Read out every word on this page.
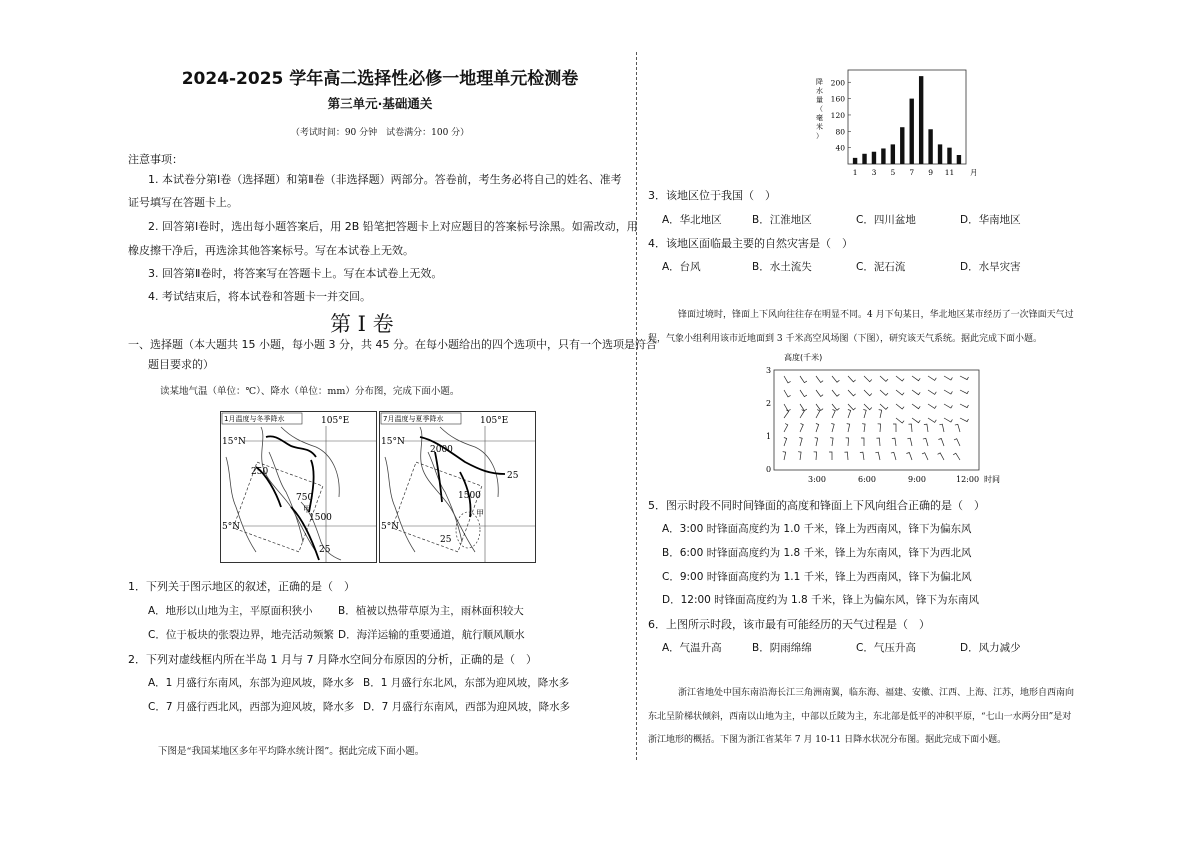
2024-2025 学年高二选择性必修一地理单元检测卷
第三单元·基础通关
（考试时间：90 分钟　试卷满分：100 分）
注意事项：
1. 本试卷分第Ⅰ卷（选择题）和第Ⅱ卷（非选择题）两部分。答卷前，考生务必将自己的姓名、准考
证号填写在答题卡上。
2. 回答第Ⅰ卷时，选出每小题答案后，用 2B 铅笔把答题卡上对应题目的答案标号涂黑。如需改动，用
橡皮擦干净后，再选涂其他答案标号。写在本试卷上无效。
3. 回答第Ⅱ卷时，将答案写在答题卡上。写在本试卷上无效。
4. 考试结束后，将本试卷和答题卡一并交回。
第 I 卷
一、选择题（本大题共 15 小题，每小题 3 分，共 45 分。在每小题给出的四个选项中，只有一个选项是符合
题目要求的）
读某地气温（单位：℃）、降水（单位：mm）分布图，完成下面小题。
1月温度与冬季降水	105°E
15°N
5°N
250
750
1500
25
甲
7月温度与夏季降水	105°E
15°N
5°N
2000
1500
25
25
甲
1．下列关于图示地区的叙述，正确的是（　）
A．地形以山地为主，平原面积狭小 B．植被以热带草原为主，雨林面积较大
C．位于板块的张裂边界，地壳活动频繁 D．海洋运输的重要通道，航行顺风顺水
2．下列对虚线框内所在半岛 1 月与 7 月降水空间分布原因的分析，正确的是（　）
A．1 月盛行东南风，东部为迎风坡，降水多 B．1 月盛行东北风，东部为迎风坡，降水多
C．7 月盛行西北风，西部为迎风坡，降水多 D．7 月盛行东南风，西部为迎风坡，降水多
下图是“我国某地区多年平均降水统计图”。据此完成下面小题。
降
水
量
（
毫
米
）
40
80
120
160
200
1 3 5 7 9 11 月
3．该地区位于我国（　）
A．华北地区	B．江淮地区	C．四川盆地	D．华南地区
4．该地区面临最主要的自然灾害是（　）
A．台风	B．水土流失	C．泥石流	D．水旱灾害
锋面过境时，锋面上下风向往往存在明显不同。4 月下旬某日，华北地区某市经历了一次锋面天气过
程，气象小组利用该市近地面到 3 千米高空风场图（下图），研究该天气系统。据此完成下面小题。
高度(千米)
0
1
2
3
3:00	6:00	9:00	12:00 时间
5．图示时段不同时间锋面的高度和锋面上下风向组合正确的是（　）
A．3:00 时锋面高度约为 1.0 千米，锋上为西南风，锋下为偏东风
B．6:00 时锋面高度约为 1.8 千米，锋上为东南风，锋下为西北风
C．9:00 时锋面高度约为 1.1 千米，锋上为西南风，锋下为偏北风
D．12:00 时锋面高度约为 1.8 千米，锋上为偏东风，锋下为东南风
6．上图所示时段，该市最有可能经历的天气过程是（　）
A．气温升高	B．阴雨绵绵	C．气压升高	D．风力减少
浙江省地处中国东南沿海长江三角洲南翼，临东海、福建、安徽、江西、上海、江苏，地形自西南向
东北呈阶梯状倾斜，西南以山地为主，中部以丘陵为主，东北部是低平的冲积平原，“七山一水两分田”是对
浙江地形的概括。下图为浙江省某年 7 月 10-11 日降水状况分布图。据此完成下面小题。
